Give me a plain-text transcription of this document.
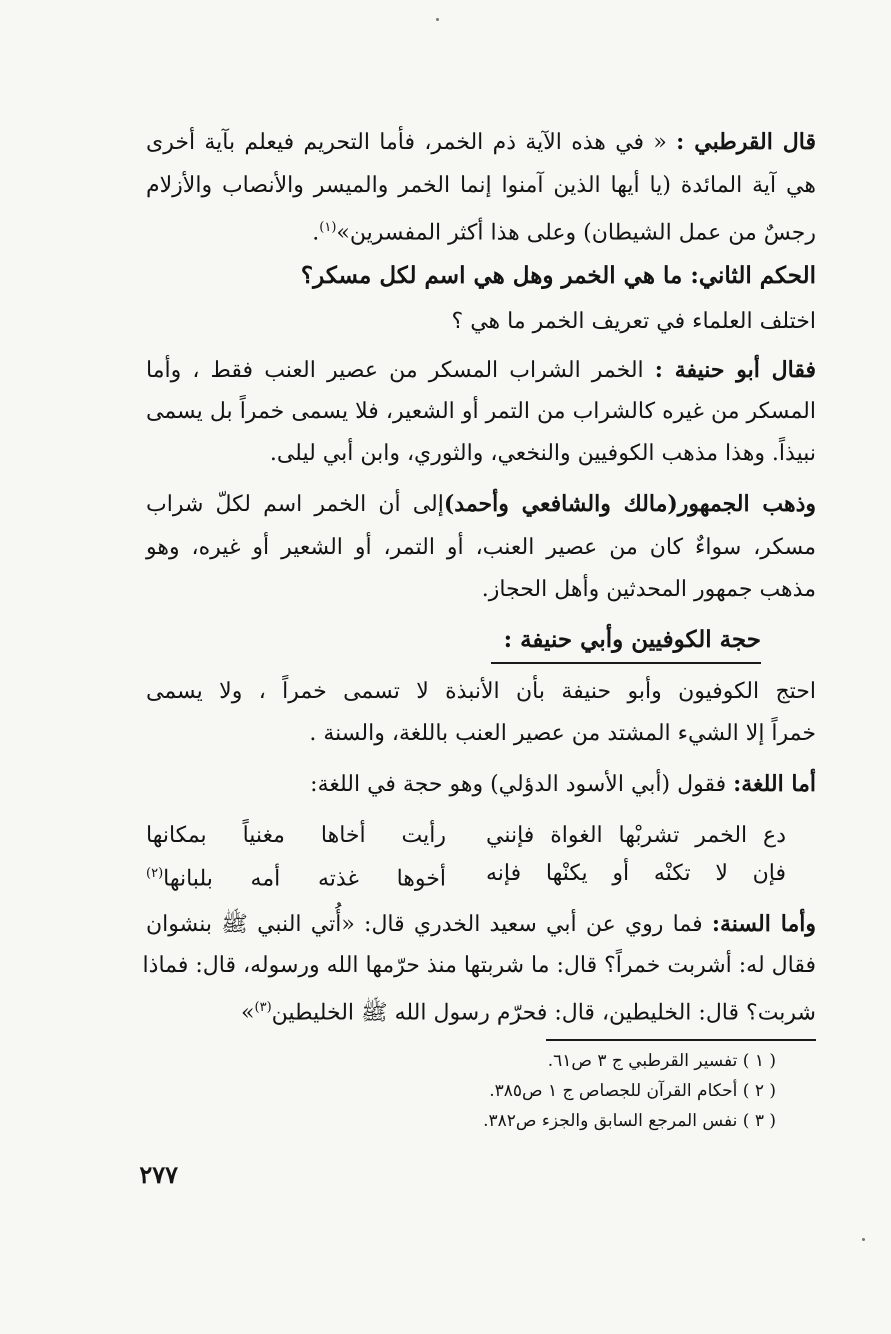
قال القرطبي : « في هذه الآية ذم الخمر، فأما التحريم فيعلم بآية أخرى
هي آية المائدة (يا أيها الذين آمنوا إنما الخمر والميسر والأنصاب والأزلام
رجسٌ من عمل الشيطان) وعلى هذا أكثر المفسرين»$^{(١)}$.
الحكم الثاني: ما هي الخمر وهل هي اسم لكل مسكر؟
اختلف العلماء في تعريف الخمر ما هي ؟
فقال أبو حنيفة : الخمر الشراب المسكر من عصير العنب فقط ، وأما
المسكر من غيره كالشراب من التمر أو الشعير، فلا يسمى خمراً بل يسمى
نبيذاً. وهذا مذهب الكوفيين والنخعي، والثوري، وابن أبي ليلى.
وذهب الجمهور(مالك والشافعي وأحمد)إلى أن الخمر اسم لكلّ شراب
مسكر، سواءٌ كان من عصير العنب، أو التمر، أو الشعير أو غيره، وهو
مذهب جمهور المحدثين وأهل الحجاز.
حجة الكوفيين وأبي حنيفة :
احتج الكوفيون وأبو حنيفة بأن الأنبذة لا تسمى خمراً ، ولا يسمى
خمراً إلا الشيء المشتد من عصير العنب باللغة، والسنة .
أما اللغة: فقول (أبي الأسود الدؤلي) وهو حجة في اللغة:
دع الخمر تشربْها الغواة فإنني
رأيت أخاها مغنياً بمكانها
فإن لا تكنْه أو يكنْها فإنه
أخوها غذته أمه بلبانها$^{(٢)}$
وأما السنة: فما روي عن أبي سعيد الخدري قال: «أُتي النبي ﷺ بنشوان
فقال له: أشربت خمراً؟ قال: ما شربتها منذ حرّمها الله ورسوله، قال: فماذا
شربت؟ قال: الخليطين، قال: فحرّم رسول الله ﷺ الخليطين$^{(٣)}$»
( ١ ) تفسير القرطبي ج ٣ ص٦١.
( ٢ ) أحكام القرآن للجصاص ج ١ ص٣٨٥.
( ٣ ) نفس المرجع السابق والجزء ص٣٨٢.
٢٧٧
